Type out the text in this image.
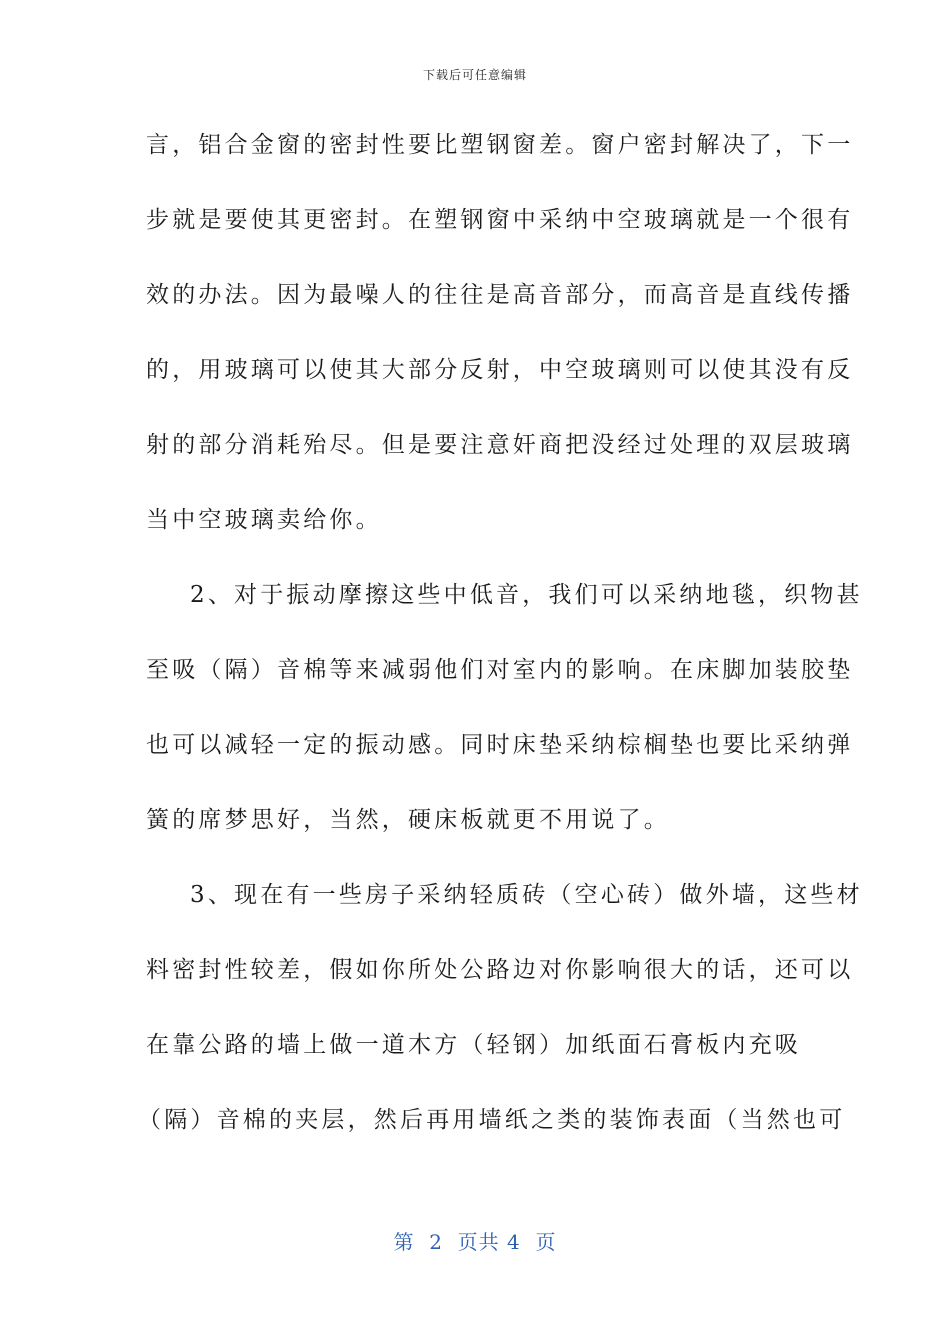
下载后可任意编辑
言，铝合金窗的密封性要比塑钢窗差。窗户密封解决了，下一
步就是要使其更密封。在塑钢窗中采纳中空玻璃就是一个很有
效的办法。因为最噪人的往往是高音部分，而高音是直线传播
的，用玻璃可以使其大部分反射，中空玻璃则可以使其没有反
射的部分消耗殆尽。但是要注意奸商把没经过处理的双层玻璃
当中空玻璃卖给你。
2、对于振动摩擦这些中低音，我们可以采纳地毯，织物甚
至吸（隔）音棉等来减弱他们对室内的影响。在床脚加装胶垫
也可以减轻一定的振动感。同时床垫采纳棕榈垫也要比采纳弹
簧的席梦思好，当然，硬床板就更不用说了。
3、现在有一些房子采纳轻质砖（空心砖）做外墙，这些材
料密封性较差，假如你所处公路边对你影响很大的话，还可以
在靠公路的墙上做一道木方（轻钢）加纸面石膏板内充吸
（隔）音棉的夹层，然后再用墙纸之类的装饰表面（当然也可
第  2  页共 4  页
